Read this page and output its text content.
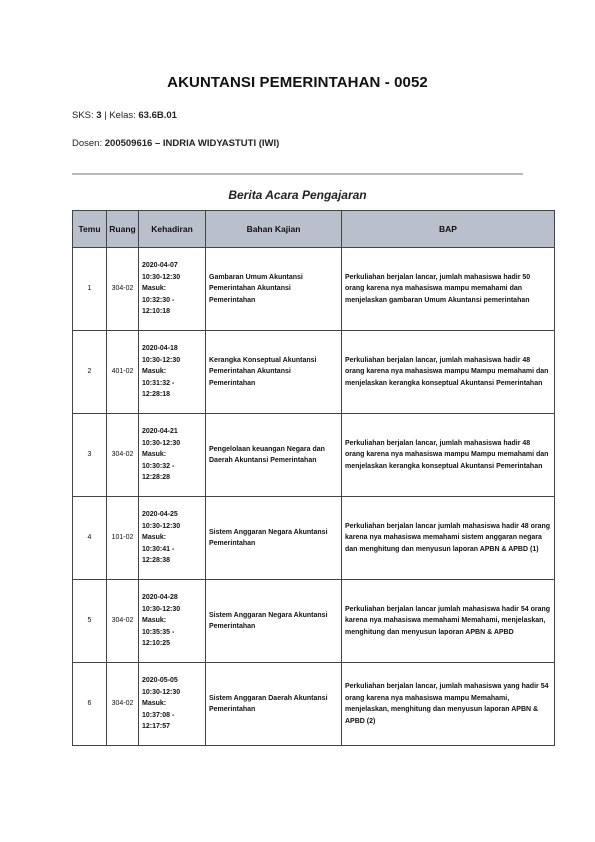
AKUNTANSI PEMERINTAHAN - 0052
SKS: 3 | Kelas: 63.6B.01
Dosen: 200509616 – INDRIA WIDYASTUTI (IWI)
Berita Acara Pengajaran
Temu	Ruang	Kehadiran	Bahan Kajian	BAP
1	304-02	2020-04-07
10:30-12:30
Masuk:
10:32:30 - 12:10:18	Gambaran Umum Akuntansi Pemerintahan Akuntansi Pemerintahan	Perkuliahan berjalan lancar, jumlah mahasiswa hadir 50 orang karena nya mahasiswa mampu memahami dan menjelaskan gambaran Umum Akuntansi pemerintahan
2	401-02	2020-04-18
10:30-12:30
Masuk:
10:31:32 - 12:28:18	Kerangka Konseptual Akuntansi Pemerintahan Akuntansi Pemerintahan	Perkuliahan berjalan lancar, jumlah mahasiswa hadir 48 orang karena nya mahasiswa mampu Mampu memahami dan menjelaskan kerangka konseptual Akuntansi Pemerintahan
3	304-02	2020-04-21
10:30-12:30
Masuk:
10:30:32 - 12:28:28	Pengelolaan keuangan Negara dan Daerah Akuntansi Pemerintahan	Perkuliahan berjalan lancar, jumlah mahasiswa hadir 48 orang karena nya mahasiswa mampu Mampu memahami dan menjelaskan kerangka konseptual Akuntansi Pemerintahan
4	101-02	2020-04-25
10:30-12:30
Masuk:
10:30:41 - 12:28:38	Sistem Anggaran Negara Akuntansi Pemerintahan	Perkuliahan berjalan lancar jumlah mahasiswa hadir 48 orang karena nya mahasiswa memahami sistem anggaran negara dan menghitung dan menyusun laporan APBN & APBD (1)
5	304-02	2020-04-28
10:30-12:30
Masuk:
10:35:35 - 12:10:25	Sistem Anggaran Negara Akuntansi Pemerintahan	Perkuliahan berjalan lancar jumlah mahasiswa hadir 54 orang karena nya mahasiswa memahami Memahami, menjelaskan, menghitung dan menyusun laporan APBN & APBD
6	304-02	2020-05-05
10:30-12:30
Masuk:
10:37:08 - 12:17:57	Sistem Anggaran Daerah Akuntansi Pemerintahan	Perkuliahan berjalan lancar, jumlah mahasiswa yang hadir 54 orang karena nya mahasiswa mampu Memahami, menjelaskan, menghitung dan menyusun laporan APBN & APBD (2)
